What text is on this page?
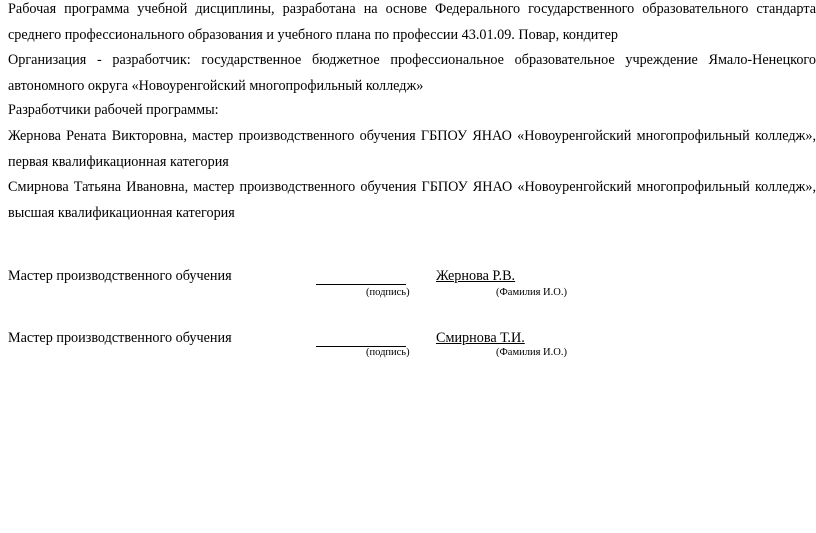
Рабочая программа учебной дисциплины, разработана на основе Федерального государственного образовательного стандарта среднего профессионального образования и учебного плана по профессии 43.01.09. Повар, кондитер
Организация - разработчик: государственное бюджетное профессиональное образовательное учреждение Ямало-Ненецкого автономного округа «Новоуренгойский многопрофильный колледж»
Разработчики рабочей программы:
Жернова Рената Викторовна, мастер производственного обучения ГБПОУ ЯНАО «Новоуренгойский многопрофильный колледж», первая квалификационная категория
Смирнова Татьяна Ивановна, мастер производственного обучения ГБПОУ ЯНАО «Новоуренгойский многопрофильный колледж», высшая квалификационная категория
Мастер производственного обучения	Жернова Р.В.
(подпись)	(Фамилия И.О.)
Мастер производственного обучения	Смирнова Т.И.
(подпись)	(Фамилия И.О.)
